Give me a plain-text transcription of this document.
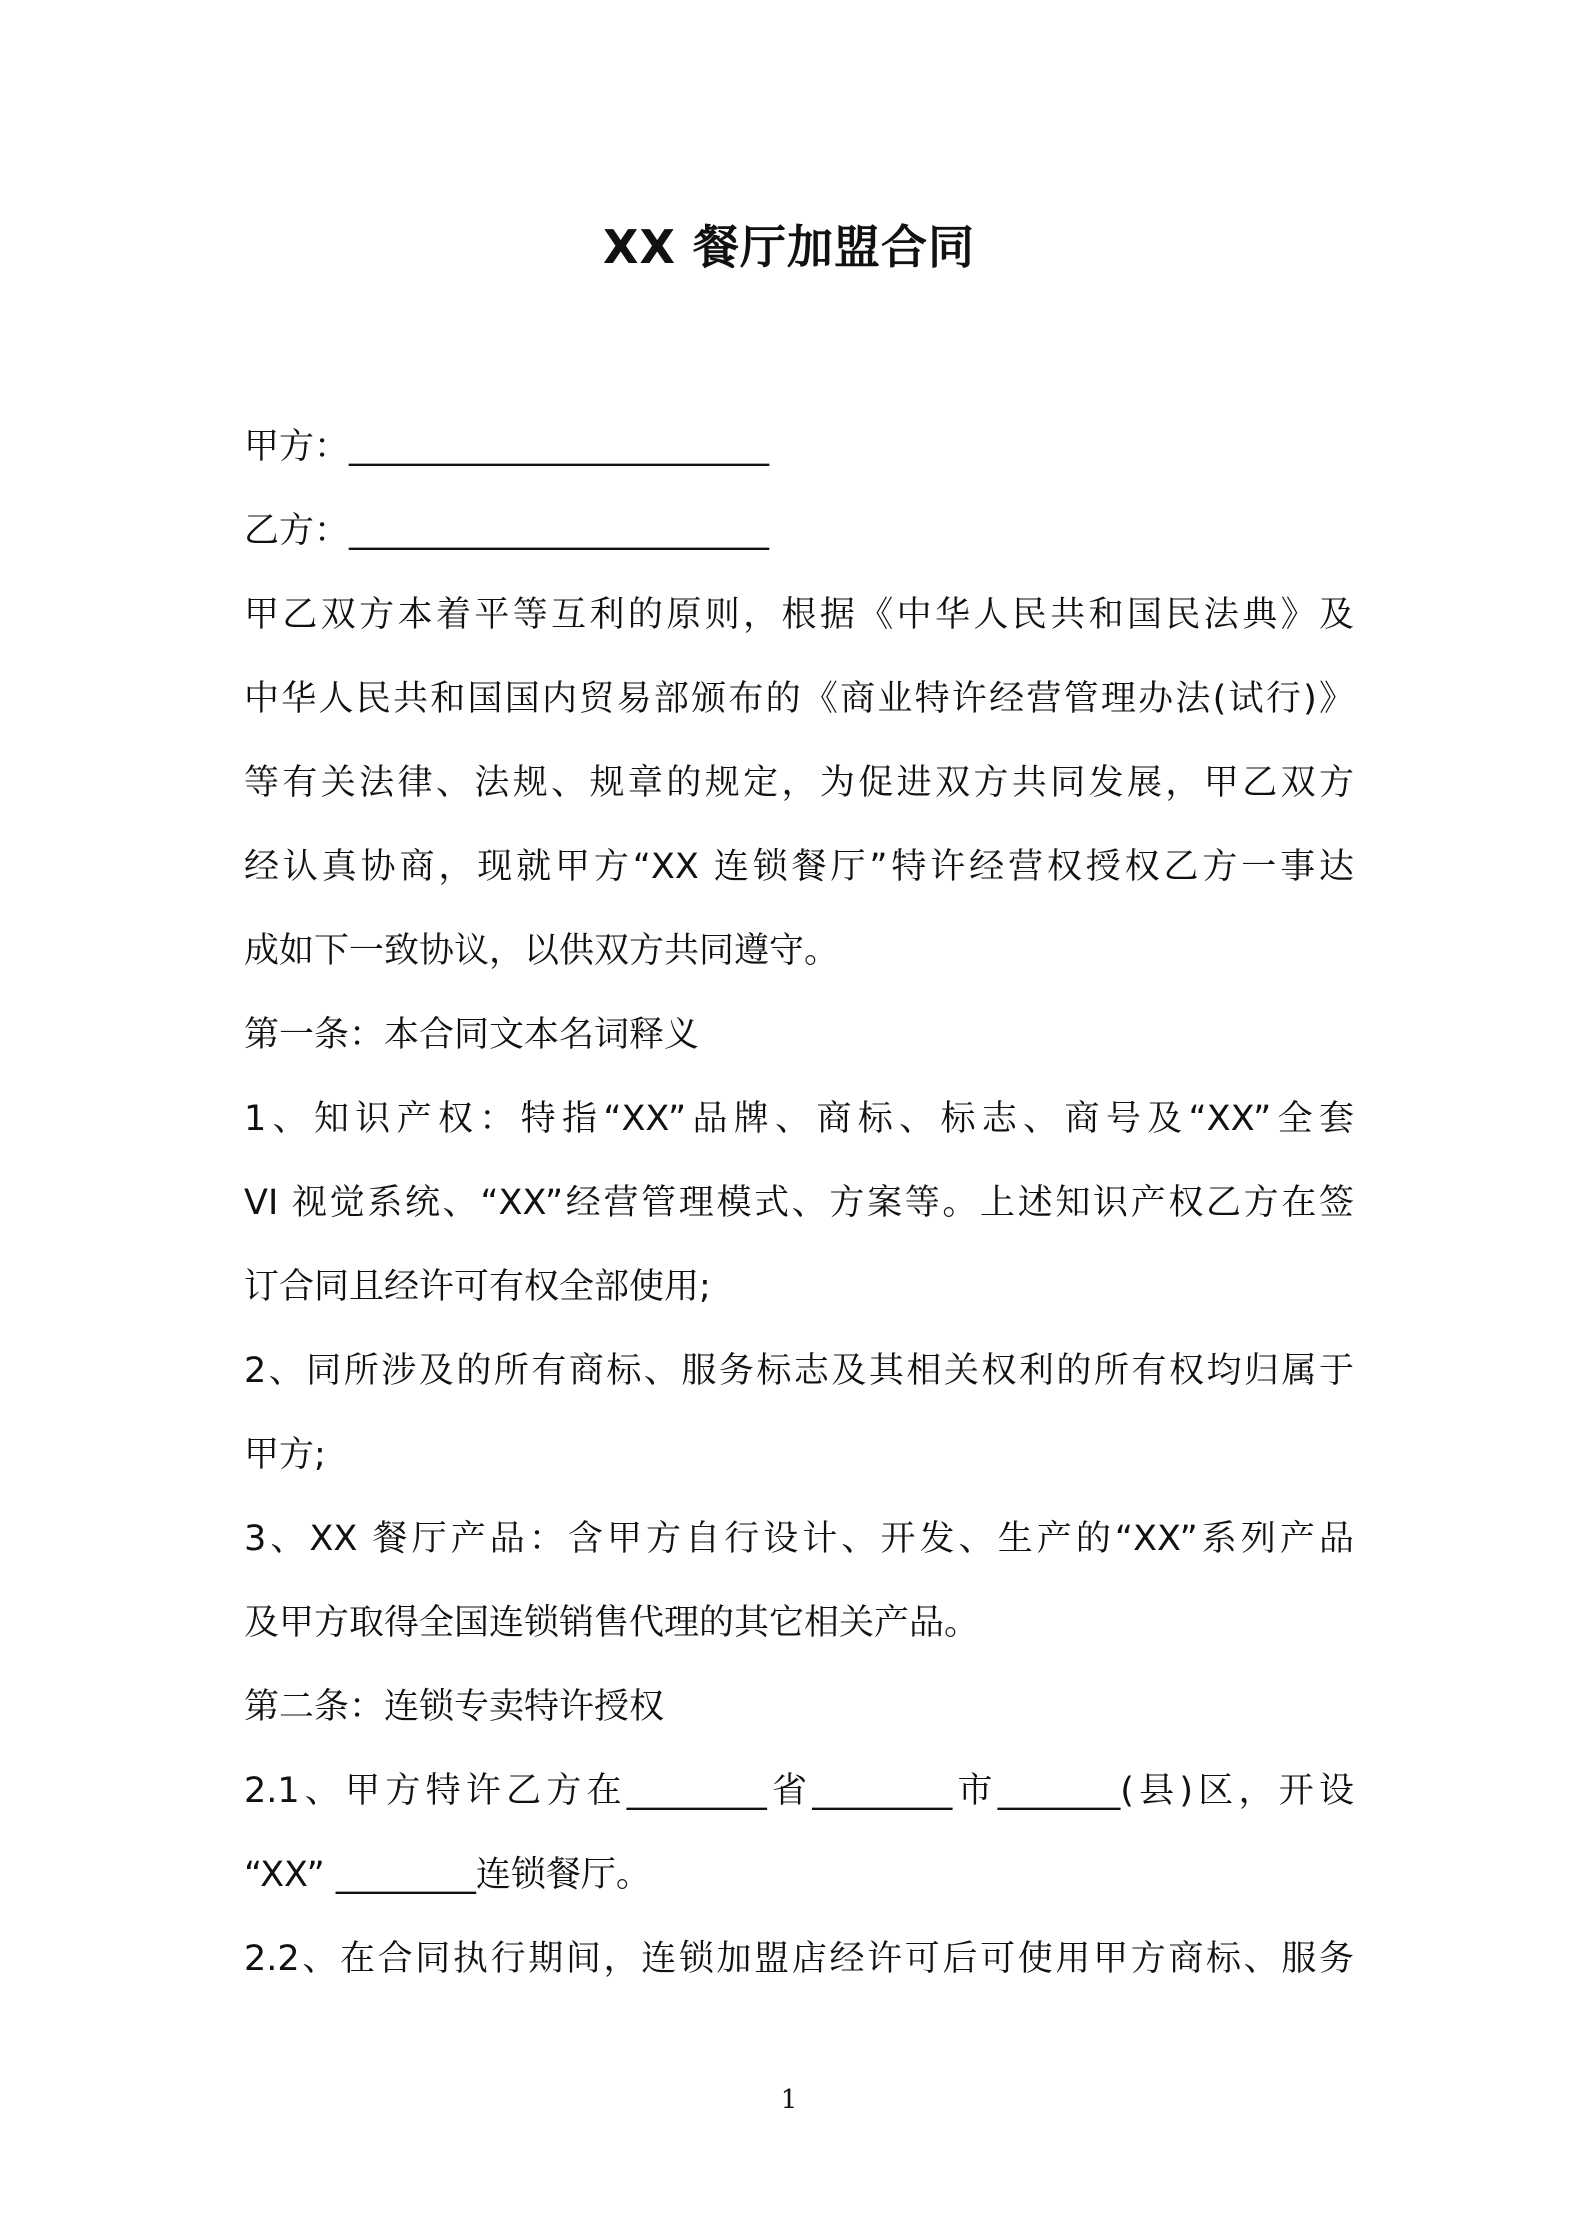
XX 餐厅加盟合同
甲方：________________________
乙方：________________________
甲乙双方本着平等互利的原则，根据《中华人民共和国民法典》及
中华人民共和国国内贸易部颁布的《商业特许经营管理办法(试行)》
等有关法律、法规、规章的规定，为促进双方共同发展，甲乙双方
经认真协商，现就甲方“XX 连锁餐厅”特许经营权授权乙方一事达
成如下一致协议，以供双方共同遵守。
第一条：本合同文本名词释义
1、知识产权：特指“XX”品牌、商标、标志、商号及“XX”全套
VI 视觉系统、“XX”经营管理模式、方案等。上述知识产权乙方在签
订合同且经许可有权全部使用;
2、同所涉及的所有商标、服务标志及其相关权利的所有权均归属于
甲方;
3、XX 餐厅产品：含甲方自行设计、开发、生产的“XX”系列产品
及甲方取得全国连锁销售代理的其它相关产品。
第二条：连锁专卖特许授权
2.1、甲方特许乙方在________省________市_______(县)区，开设
“XX” ________连锁餐厅。
2.2、在合同执行期间，连锁加盟店经许可后可使用甲方商标、服务
1
